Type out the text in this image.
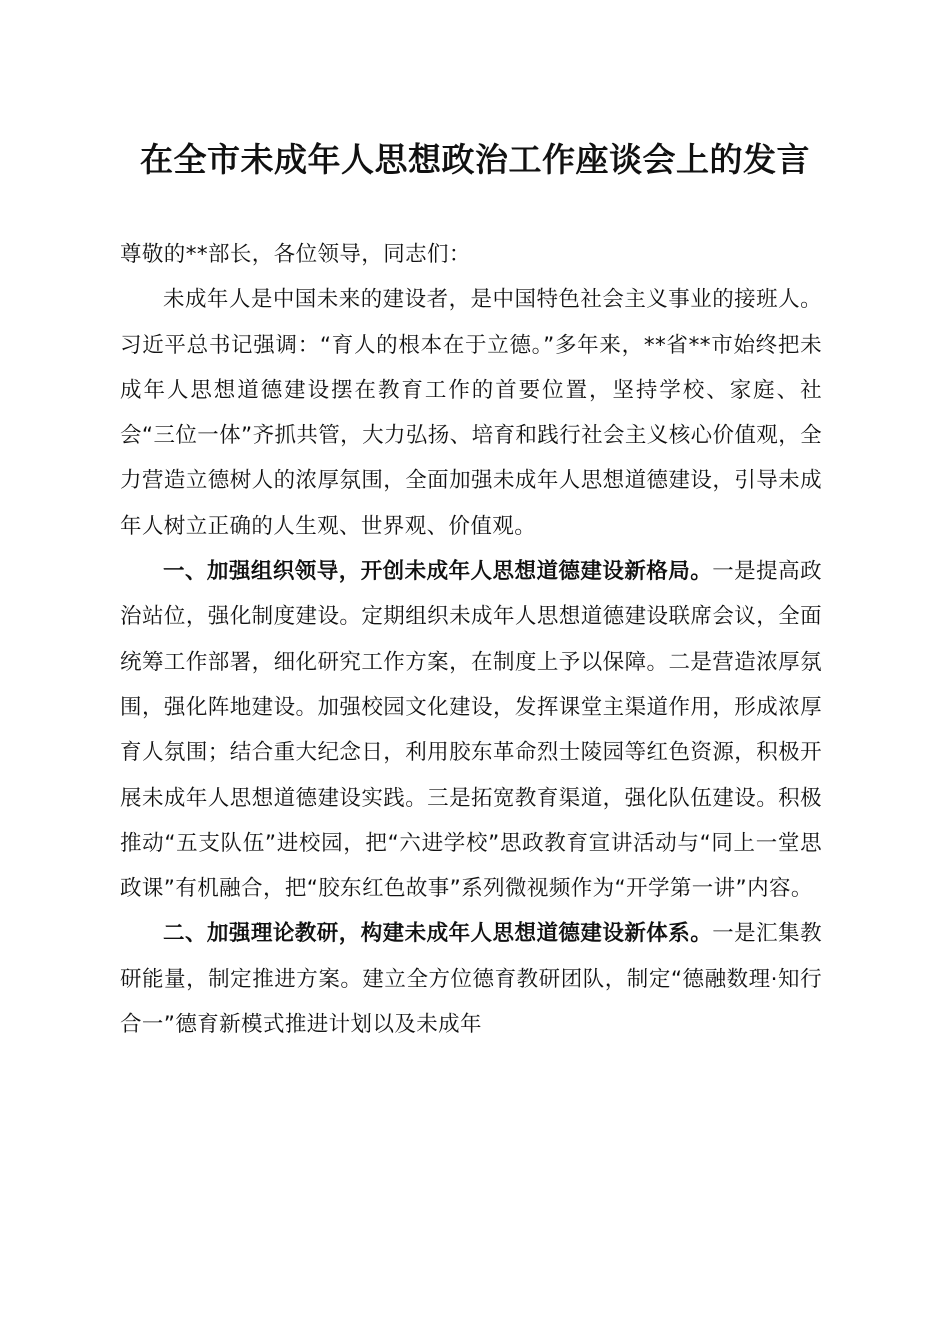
在全市未成年人思想政治工作座谈会上的发言

尊敬的**部长，各位领导，同志们：

未成年人是中国未来的建设者，是中国特色社会主义事业的接班人。习近平总书记强调：“育人的根本在于立德。”多年来，**省**市始终把未成年人思想道德建设摆在教育工作的首要位置，坚持学校、家庭、社会“三位一体”齐抓共管，大力弘扬、培育和践行社会主义核心价值观，全力营造立德树人的浓厚氛围，全面加强未成年人思想道德建设，引导未成年人树立正确的人生观、世界观、价值观。

一、加强组织领导，开创未成年人思想道德建设新格局。一是提高政治站位，强化制度建设。定期组织未成年人思想道德建设联席会议，全面统筹工作部署，细化研究工作方案，在制度上予以保障。二是营造浓厚氛围，强化阵地建设。加强校园文化建设，发挥课堂主渠道作用，形成浓厚育人氛围；结合重大纪念日，利用胶东革命烈士陵园等红色资源，积极开展未成年人思想道德建设实践。三是拓宽教育渠道，强化队伍建设。积极推动“五支队伍”进校园，把“六进学校”思政教育宣讲活动与“同上一堂思政课”有机融合，把“胶东红色故事”系列微视频作为“开学第一讲”内容。

二、加强理论教研，构建未成年人思想道德建设新体系。一是汇集教研能量，制定推进方案。建立全方位德育教研团队，制定“德融数理·知行合一”德育新模式推进计划以及未成年
